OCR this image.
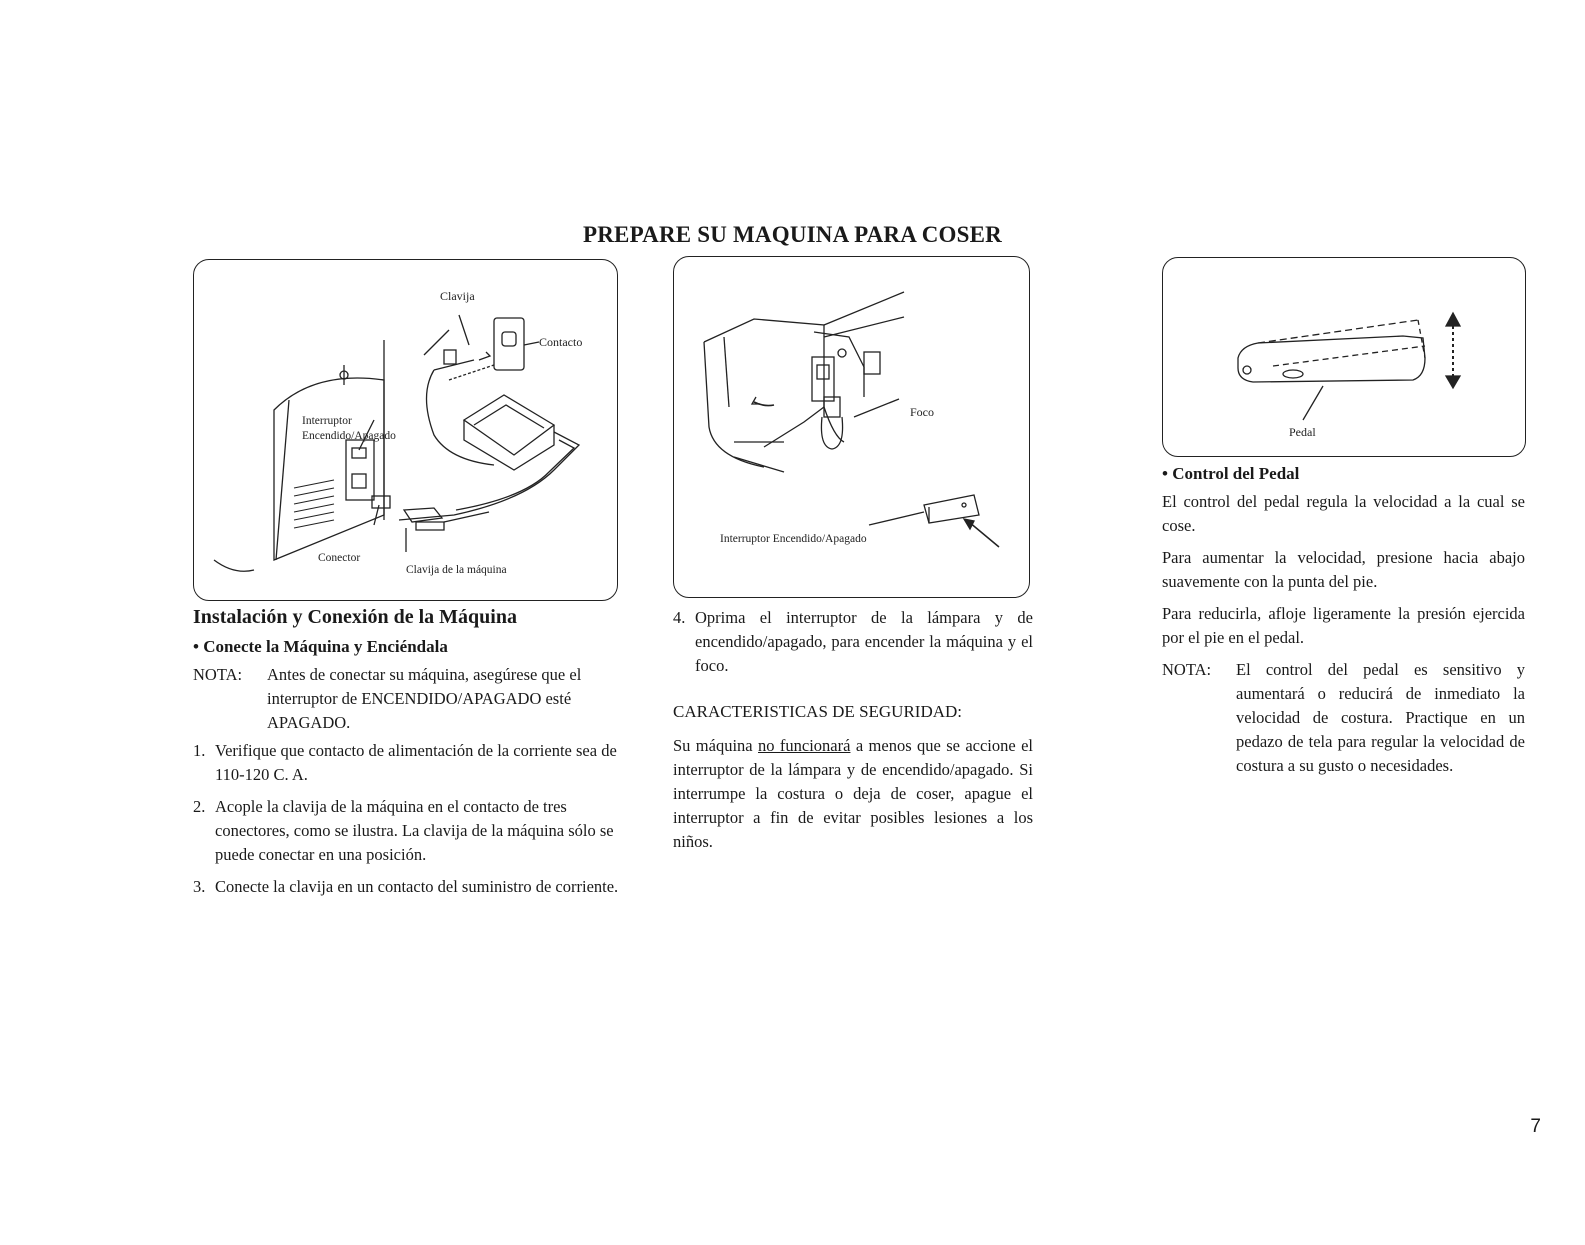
PREPARE SU MAQUINA PARA COSER
Clavija
Contacto
Interruptor
Encendido/Apagado
Conector
Clavija de la máquina
Foco
Interruptor Encendido/Apagado
Pedal
Instalación y Conexión de la Máquina
• Conecte la Máquina y Enciéndala
NOTA:	Antes de conectar su máquina, asegúrese que el interruptor de ENCENDIDO/APAGADO esté APAGADO.
1. Verifique que contacto de alimentación de la corriente sea de 110-120 C. A.
2. Acople la clavija de la máquina en el contacto de tres conectores, como se ilustra. La clavija de la máquina sólo se puede conectar en una posición.
3. Conecte la clavija en un contacto del suministro de corriente.
4. Oprima el interruptor de la lámpara y de encendido/apagado, para encender la máquina y el foco.
CARACTERISTICAS DE SEGURIDAD:
Su máquina no funcionará a menos que se accione el interruptor de la lámpara y de encendido/apagado. Si interrumpe la costura o deja de coser, apague el interruptor a fin de evitar posibles lesiones a los niños.
• Control del Pedal
El control del pedal regula la velocidad a la cual se cose.
Para aumentar la velocidad, presione hacia abajo suavemente con la punta del pie.
Para reducirla, afloje ligeramente la presión ejercida por el pie en el pedal.
NOTA:	El control del pedal es sensitivo y aumentará o reducirá de inmediato la velocidad de costura. Practique en un pedazo de tela para regular la velocidad de costura a su gusto o necesidades.
7
